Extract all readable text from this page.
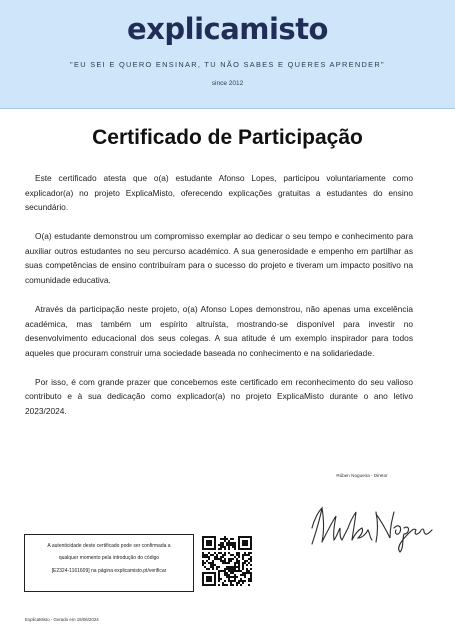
explicamisto
"EU SEI E QUERO ENSINAR, TU NÃO SABES E QUERES APRENDER"
since 2012
Certificado de Participação

Este certificado atesta que o(a) estudante Afonso Lopes, participou voluntariamente como explicador(a) no projeto ExplicaMisto, oferecendo explicações gratuitas a estudantes do ensino secundário.

O(a) estudante demonstrou um compromisso exemplar ao dedicar o seu tempo e conhecimento para auxiliar outros estudantes no seu percurso académico. A sua generosidade e empenho em partilhar as suas competências de ensino contribuíram para o sucesso do projeto e tiveram um impacto positivo na comunidade educativa.

Através da participação neste projeto, o(a) Afonso Lopes demonstrou, não apenas uma excelência académica, mas também um espírito altruísta, mostrando-se disponível para investir no desenvolvimento educacional dos seus colegas. A sua atitude é um exemplo inspirador para todos aqueles que procuram construir uma sociedade baseada no conhecimento e na solidariedade.

Por isso, é com grande prazer que concebemos este certificado em reconhecimento do seu valioso contributo e à sua dedicação como explicador(a) no projeto ExplicaMisto durante o ano letivo 2023/2024.

Rúben Nogueira - Diretor
A autenticidade deste certificado pode ser confirmada a
qualquer momento pela introdução do código
[E2324-1161609] na página explicamisto.pt/verificar
ExplicaMisto - Gerado em 19/06/2024
